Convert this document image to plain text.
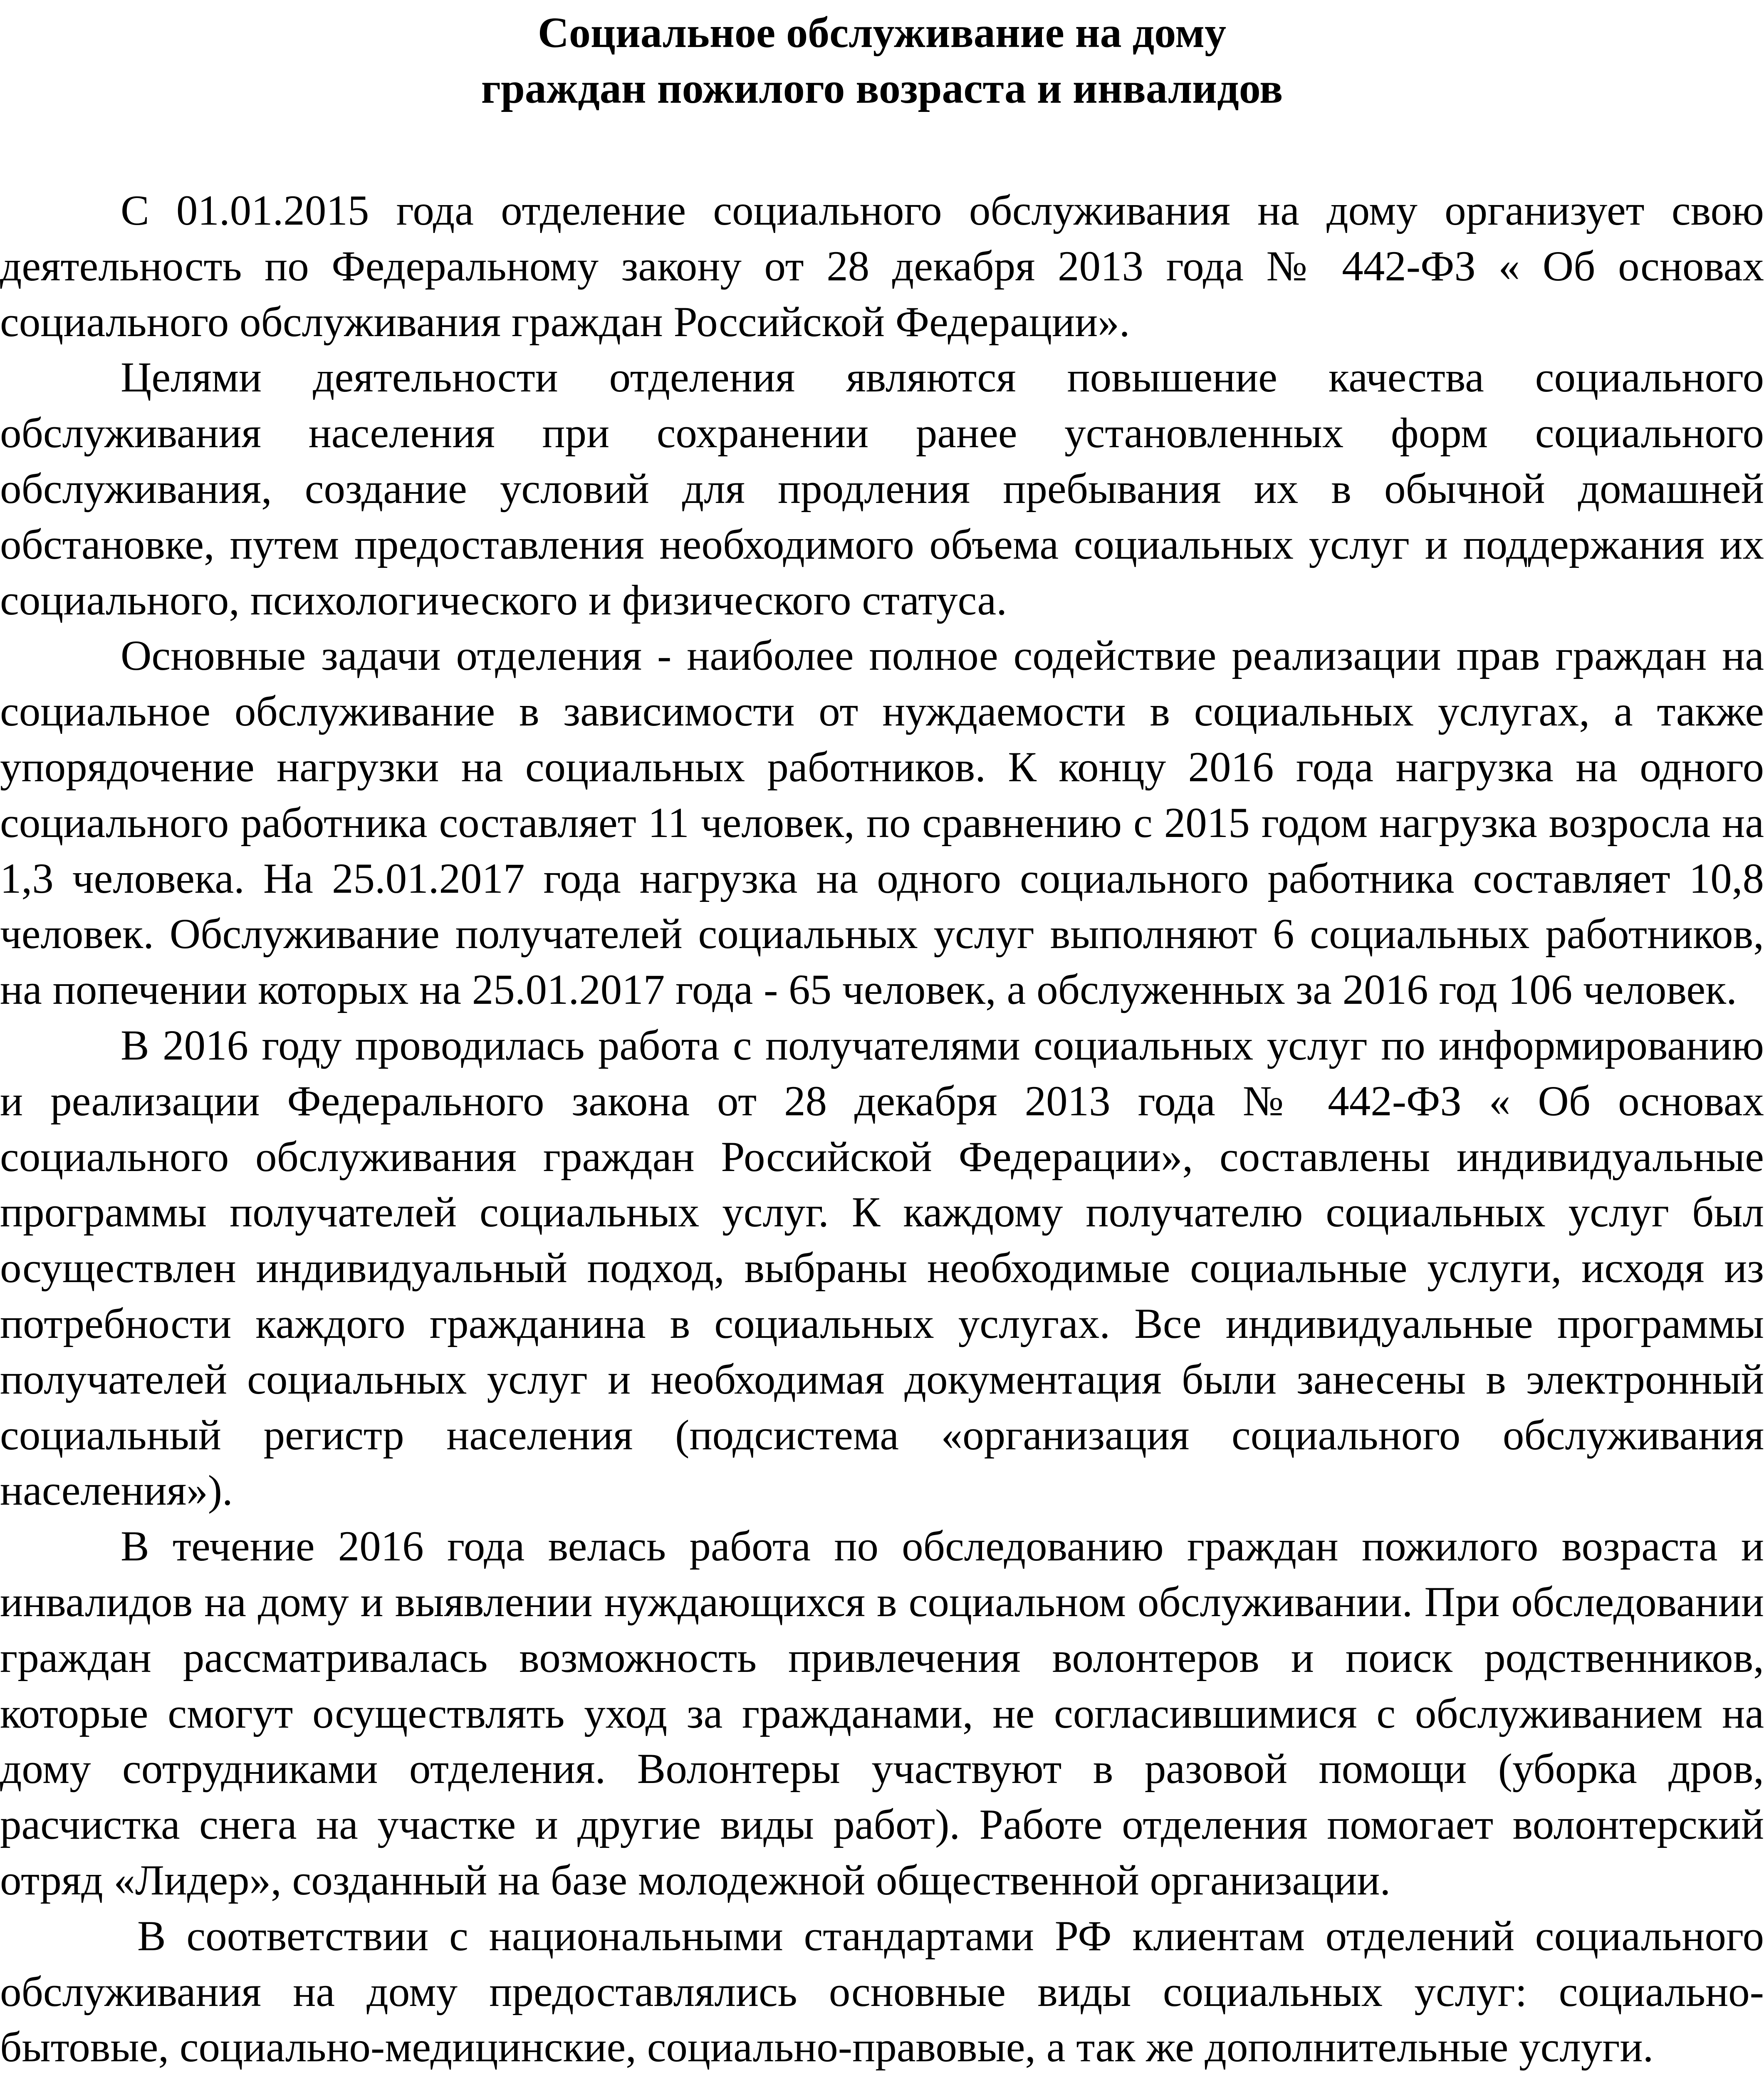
Социальное обслуживание на дому
граждан пожилого возраста и инвалидов

С 01.01.2015 года отделение социального обслуживания на дому организует свою деятельность по Федеральному закону от 28 декабря 2013 года № 442-ФЗ « Об основах социального обслуживания граждан Российской Федерации».

Целями деятельности отделения являются повышение качества социального обслуживания населения при сохранении ранее установленных форм социального обслуживания, создание условий для продления пребывания их в обычной домашней обстановке, путем предоставления необходимого объема социальных услуг и поддержания их социального, психологического и физического статуса.

Основные задачи отделения - наиболее полное содействие реализации прав граждан на социальное обслуживание в зависимости от нуждаемости в социальных услугах, а также упорядочение нагрузки на социальных работников. К концу 2016 года нагрузка на одного социального работника составляет 11 человек, по сравнению с 2015 годом нагрузка возросла на 1,3 человека. На 25.01.2017 года нагрузка на одного социального работника составляет 10,8 человек. Обслуживание получателей социальных услуг выполняют 6 социальных работников, на попечении которых на 25.01.2017 года - 65 человек, а обслуженных за 2016 год 106 человек.

В 2016 году проводилась работа с получателями социальных услуг по информированию и реализации Федерального закона от 28 декабря 2013 года № 442-ФЗ « Об основах социального обслуживания граждан Российской Федерации», составлены индивидуальные программы получателей социальных услуг. К каждому получателю социальных услуг был осуществлен индивидуальный подход, выбраны необходимые социальные услуги, исходя из потребности каждого гражданина в социальных услугах. Все индивидуальные программы получателей социальных услуг и необходимая документация были занесены в электронный социальный регистр населения (подсистема «организация социального обслуживания населения»).

В течение 2016 года велась работа по обследованию граждан пожилого возраста и инвалидов на дому и выявлении нуждающихся в социальном обслуживании. При обследовании граждан рассматривалась возможность привлечения волонтеров и поиск родственников, которые смогут осуществлять уход за гражданами, не согласившимися с обслуживанием на дому сотрудниками отделения. Волонтеры участвуют в разовой помощи (уборка дров, расчистка снега на участке и другие виды работ). Работе отделения помогает волонтерский отряд «Лидер», созданный на базе молодежной общественной организации.

В соответствии с национальными стандартами РФ клиентам отделений социального обслуживания на дому предоставлялись основные виды социальных услуг: социально-бытовые, социально-медицинские, социально-правовые, а так же дополнительные услуги.
